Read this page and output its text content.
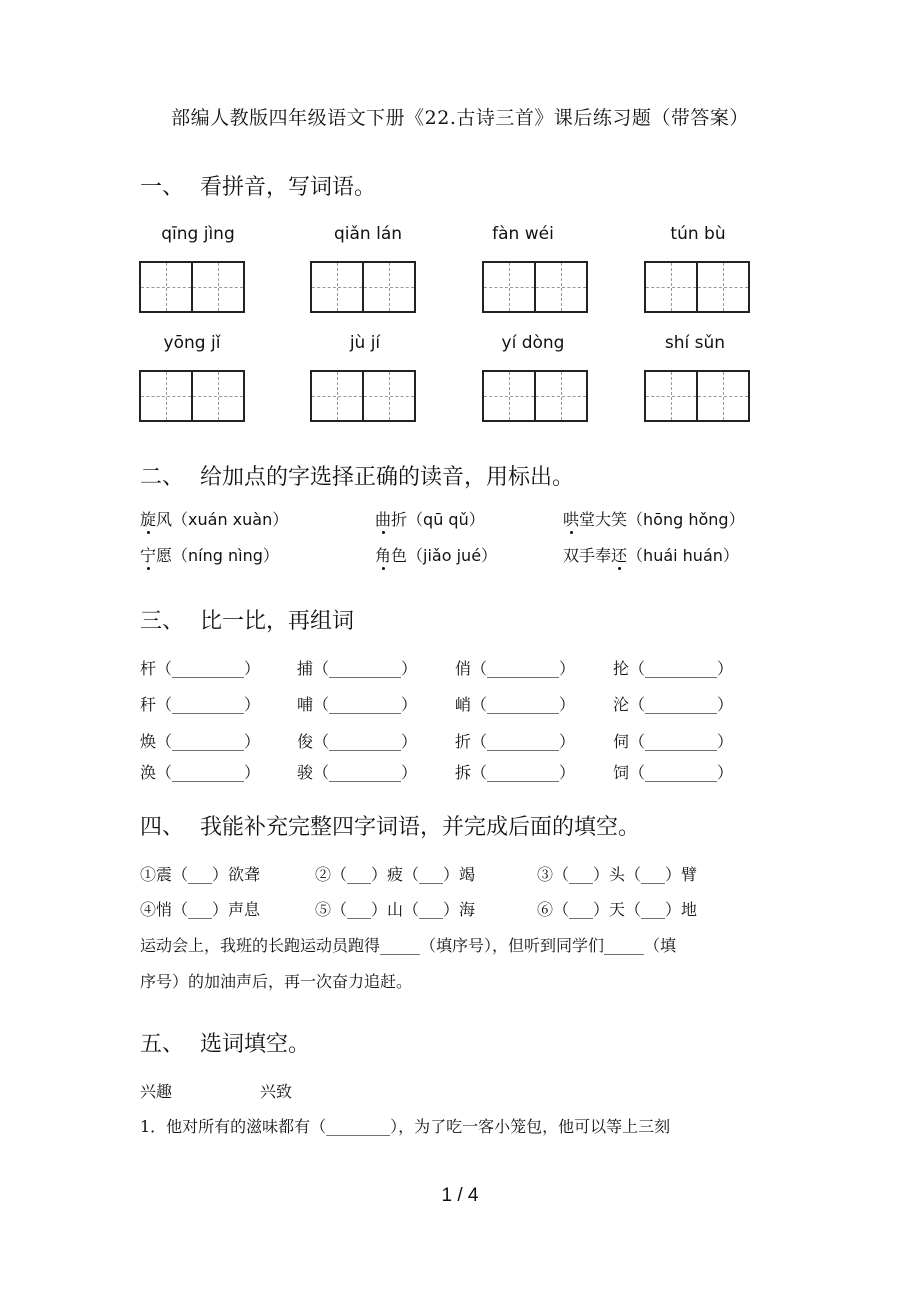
部编人教版四年级语文下册《22.古诗三首》课后练习题（带答案）
一、 看拼音，写词语。
qīng jìng	qiǎn lán	fàn wéi	tún bù
yōng jǐ	jù jí	yí dòng	shí sǔn
二、 给加点的字选择正确的读音，用标出。
旋风（xuán xuàn）	曲折（qū qǔ）	哄堂大笑（hōng hǒng）
宁愿（níng nìng）	角色（jiǎo jué）	双手奉还（huái huán）
三、 比一比，再组词
杆（_________） 捕（_________） 俏（_________） 抡（_________）
秆（_________） 哺（_________） 峭（_________） 沦（_________）
焕（_________） 俊（_________） 折（_________） 伺（_________）
涣（_________） 骏（_________） 拆（_________） 饲（_________）
四、 我能补充完整四字词语，并完成后面的填空。
①震（___）欲聋	②（___）疲（___）竭	③（___）头（___）臂
④悄（___）声息	⑤（___）山（___）海	⑥（___）天（___）地
运动会上，我班的长跑运动员跑得_____（填序号），但听到同学们_____（填
序号）的加油声后，再一次奋力追赶。
五、 选词填空。
兴趣	兴致
1．他对所有的滋味都有（________），为了吃一客小笼包，他可以等上三刻
1 / 4
